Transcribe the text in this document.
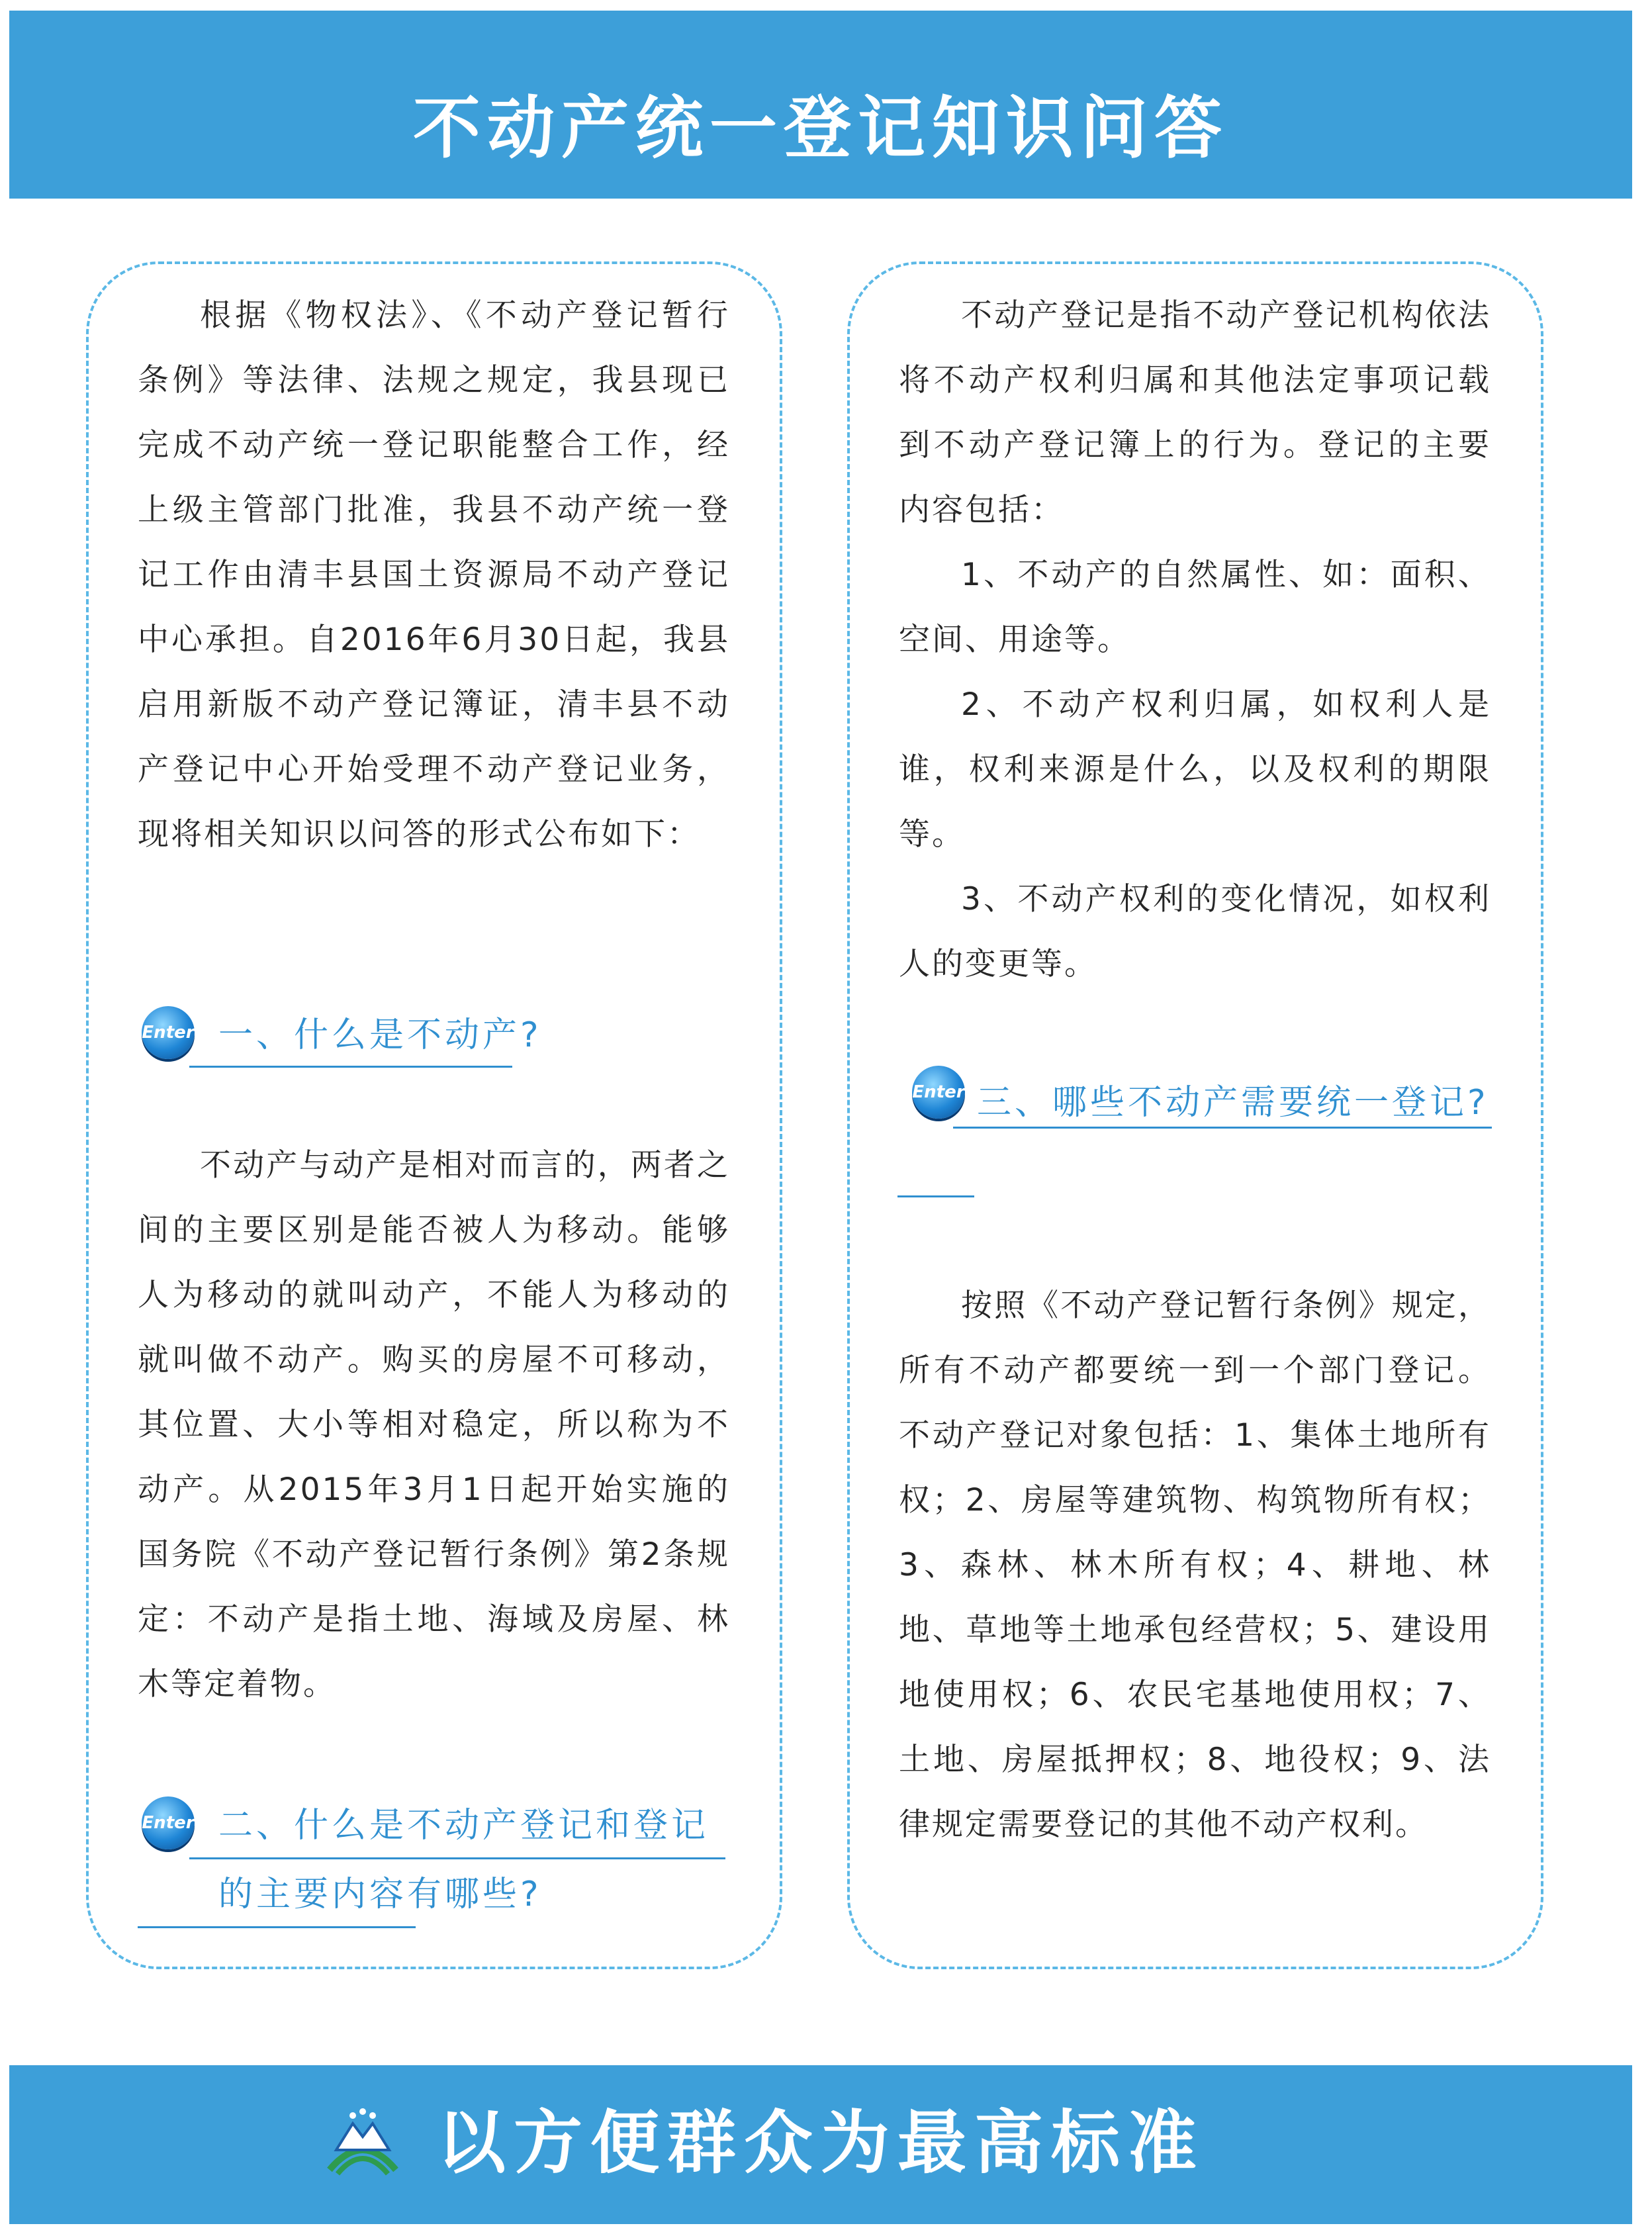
不动产统一登记知识问答

根据《物权法》、《不动产登记暂行条例》等法律、法规之规定，我县现已完成不动产统一登记职能整合工作，经上级主管部门批准，我县不动产统一登记工作由清丰县国土资源局不动产登记中心承担。自2016年6月30日起，我县启用新版不动产登记簿证，清丰县不动产登记中心开始受理不动产登记业务，现将相关知识以问答的形式公布如下：

Enter 一、什么是不动产?

不动产与动产是相对而言的，两者之间的主要区别是能否被人为移动。能够人为移动的就叫动产，不能人为移动的就叫做不动产。购买的房屋不可移动，其位置、大小等相对稳定，所以称为不动产。从2015年3月1日起开始实施的国务院《不动产登记暂行条例》第2条规定：不动产是指土地、海域及房屋、林木等定着物。

Enter 二、什么是不动产登记和登记的主要内容有哪些?

不动产登记是指不动产登记机构依法将不动产权利归属和其他法定事项记载到不动产登记簿上的行为。登记的主要内容包括：

1、不动产的自然属性、如：面积、空间、用途等。

2、不动产权利归属，如权利人是谁，权利来源是什么，以及权利的期限等。

3、不动产权利的变化情况，如权利人的变更等。

Enter 三、哪些不动产需要统一登记?

按照《不动产登记暂行条例》规定，所有不动产都要统一到一个部门登记。不动产登记对象包括：1、集体土地所有权；2、房屋等建筑物、构筑物所有权；3、森林、林木所有权；4、耕地、林地、草地等土地承包经营权；5、建设用地使用权；6、农民宅基地使用权；7、土地、房屋抵押权；8、地役权；9、法律规定需要登记的其他不动产权利。

以方便群众为最高标准
